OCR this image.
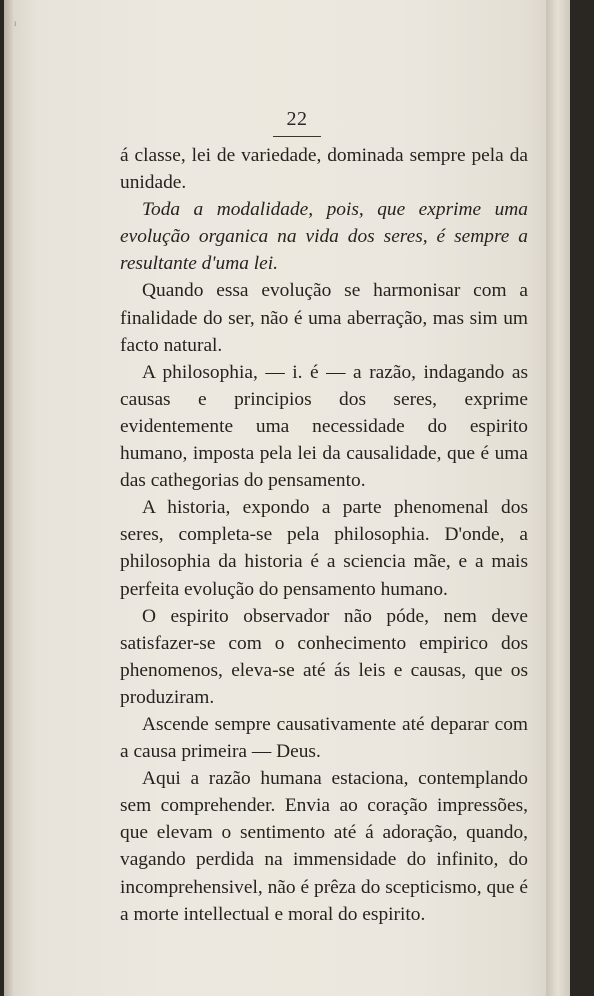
ı
22

á classe, lei de variedade, dominada sempre pela da unidade.

Toda a modalidade, pois, que exprime uma evolução organica na vida dos seres, é sempre a resultante d'uma lei.

Quando essa evolução se harmonisar com a finalidade do ser, não é uma aberração, mas sim um facto natural.

A philosophia, — i. é — a razão, indagando as causas e principios dos seres, exprime evidentemente uma necessidade do espirito humano, imposta pela lei da causalidade, que é uma das cathegorias do pensamento.

A historia, expondo a parte phenomenal dos seres, completa-se pela philosophia. D'onde, a philosophia da historia é a sciencia mãe, e a mais perfeita evolução do pensamento humano.

O espirito observador não póde, nem deve satisfazer-se com o conhecimento empirico dos phenomenos, eleva-se até ás leis e causas, que os produziram.

Ascende sempre causativamente até deparar com a causa primeira — Deus.

Aqui a razão humana estaciona, contemplando sem comprehender. Envia ao coração impressões, que elevam o sentimento até á adoração, quando, vagando perdida na immensidade do infinito, do incomprehensivel, não é prêza do scepticismo, que é a morte intellectual e moral do espirito.
